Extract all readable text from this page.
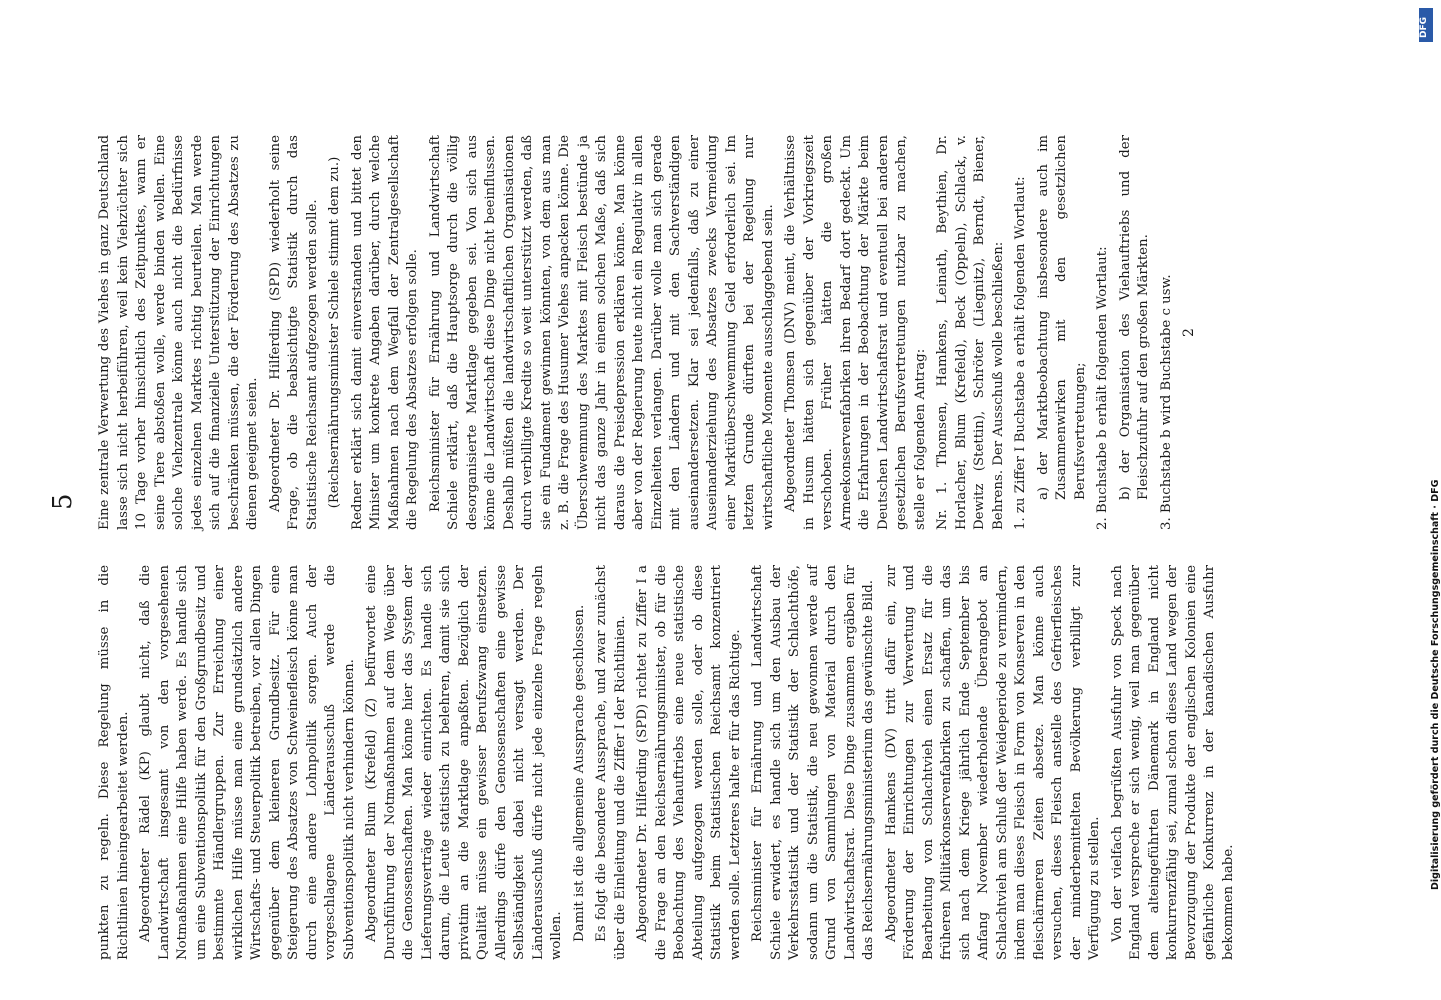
5

punkten zu regeln. Diese Regelung müsse in die Richtlinien hineingearbeitet werden. Abgeordneter Rädel (KP) glaubt nicht, daß die Landwirtschaft insgesamt von den vorgesehenen Notmaßnahmen eine Hilfe haben werde. Es handle sich um eine Subventionspolitik für den Großgrundbesitz und bestimmte Händlergruppen. Zur Erreichung einer wirklichen Hilfe müsse man eine grundsätzlich andere Wirtschafts- und Steuerpolitik betreiben, vor allen Dingen gegenüber dem kleineren Grundbesitz. Für eine Steigerung des Absatzes von Schweinefleisch könne man durch eine andere Lohnpolitik sorgen. Auch der vorgeschlagene Länderausschuß werde die Subventionspolitik nicht verhindern können. Abgeordneter Blum (Krefeld) (Z) befürwortet eine Durchführung der Notmaßnahmen auf dem Wege über die Genossenschaften. Man könne hier das System der Lieferungsverträge wieder einrichten. Es handle sich darum, die Leute statistisch zu belehren, damit sie sich privatim an die Marktlage anpaßten. Bezüglich der Qualität müsse ein gewisser Berufszwang einsetzen. Allerdings dürfe den Genossenschaften eine gewisse Selbständigkeit dabei nicht versagt werden. Der Länderausschuß dürfe nicht jede einzelne Frage regeln wollen. Damit ist die allgemeine Aussprache geschlossen. Es folgt die besondere Aussprache, und zwar zunächst über die Einleitung und die Ziffer I der Richtlinien. Abgeordneter Dr. Hilferding (SPD) richtet zu Ziffer I a die Frage an den Reichsernährungsminister, ob für die Beobachtung des Viehauftriebs eine neue statistische Abteilung aufgezogen werden solle, oder ob diese Statistik beim Statistischen Reichsamt konzentriert werden solle. Letzteres halte er für das Richtige. Reichsminister für Ernährung und Landwirtschaft Schiele erwidert, es handle sich um den Ausbau der Verkehrsstatistik und der Statistik der Schlachthöfe, sodann um die Statistik, die neu gewonnen werde auf Grund von Sammlungen von Material durch den Landwirtschaftsrat. Diese Dinge zusammen ergäben für das Reichsernährungsministerium das gewünschte Bild. Abgeordneter Hamkens (DV) tritt dafür ein, zur Förderung der Einrichtungen zur Verwertung und Bearbeitung von Schlachtvieh einen Ersatz für die früheren Militärkonservenfabriken zu schaffen, um das sich nach dem Kriege jährlich Ende September bis Anfang November wiederholende Überangebot an Schlachtvieh am Schluß der Weideperiode zu vermindern, indem man dieses Fleisch in Form von Konserven in den fleischärmeren Zeiten absetze. Man könne auch versuchen, dieses Fleisch anstelle des Gefrierfleisches der minderbemittelten Bevölkerung verbilligt zur Verfügung zu stellen. Von der vielfach begrüßten Ausfuhr von Speck nach England verspreche er sich wenig, weil man gegenüber dem alteingeführten Dänemark in England nicht konkurrenzfähig sei, zumal schon dieses Land wegen der Bevorzugung der Produkte der englischen Kolonien eine gefährliche Konkurrenz in der kanadischen Ausfuhr bekommen habe.

Eine zentrale Verwertung des Viehes in ganz Deutschland lasse sich nicht herbeiführen, weil kein Viehzüchter sich 10 Tage vorher hinsichtlich des Zeitpunktes, wann er seine Tiere abstoßen wolle, werde binden wollen. Eine solche Viehzentrale könne auch nicht die Bedürfnisse jedes einzelnen Marktes richtig beurteilen. Man werde sich auf die finanzielle Unterstützung der Einrichtungen beschränken müssen, die der Förderung des Absatzes zu dienen geeignet seien. Abgeordneter Dr. Hilferding (SPD) wiederholt seine Frage, ob die beabsichtigte Statistik durch das Statistische Reichsamt aufgezogen werden solle. (Reichsernährungsminister Schiele stimmt dem zu.) Redner erklärt sich damit einverstanden und bittet den Minister um konkrete Angaben darüber, durch welche Maßnahmen nach dem Wegfall der Zentralgesellschaft die Regelung des Absatzes erfolgen solle. Reichsminister für Ernährung und Landwirtschaft Schiele erklärt, daß die Hauptsorge durch die völlig desorganisierte Marktlage gegeben sei. Von sich aus könne die Landwirtschaft diese Dinge nicht beeinflussen. Deshalb müßten die landwirtschaftlichen Organisationen durch verbilligte Kredite so weit unterstützt werden, daß sie ein Fundament gewinnen könnten, von dem aus man z. B. die Frage des Husumer Viehes anpacken könne. Die Überschwemmung des Marktes mit Fleisch bestünde ja nicht das ganze Jahr in einem solchen Maße, daß sich daraus die Preisdepression erklären könne. Man könne aber von der Regierung heute nicht ein Regulativ in allen Einzelheiten verlangen. Darüber wolle man sich gerade mit den Ländern und mit den Sachverständigen auseinandersetzen. Klar sei jedenfalls, daß zu einer Auseinanderziehung des Absatzes zwecks Vermeidung einer Marktüberschwemmung Geld erforderlich sei. Im letzten Grunde dürften bei der Regelung nur wirtschaftliche Momente ausschlaggebend sein. Abgeordneter Thomsen (DNV) meint, die Verhältnisse in Husum hätten sich gegenüber der Vorkriegszeit verschoben. Früher hätten die großen Armeekonservenfabriken ihren Bedarf dort gedeckt. Um die Erfahrungen in der Beobachtung der Märkte beim Deutschen Landwirtschaftsrat und eventuell bei anderen gesetzlichen Berufsvertretungen nutzbar zu machen, stelle er folgenden Antrag: Nr. 1. Thomsen, Hamkens, Leinath, Beythien, Dr. Horlacher, Blum (Krefeld), Beck (Oppeln), Schlack, v. Dewitz (Stettin), Schröter (Liegnitz), Berndt, Biener, Behrens. Der Ausschuß wolle beschließen: 1. zu Ziffer I Buchstabe a erhält folgenden Wortlaut: a) der Marktbeobachtung insbesondere auch im Zusammenwirken mit den gesetzlichen Berufsvertretungen; 2. Buchstabe b erhält folgenden Wortlaut: b) der Organisation des Viehauftriebs und der Fleischzufuhr auf den großen Märkten. 3. Buchstabe b wird Buchstabe c usw. 2
DFG
Digitalisierung gefördert durch die Deutsche Forschungsgemeinschaft · DFG
